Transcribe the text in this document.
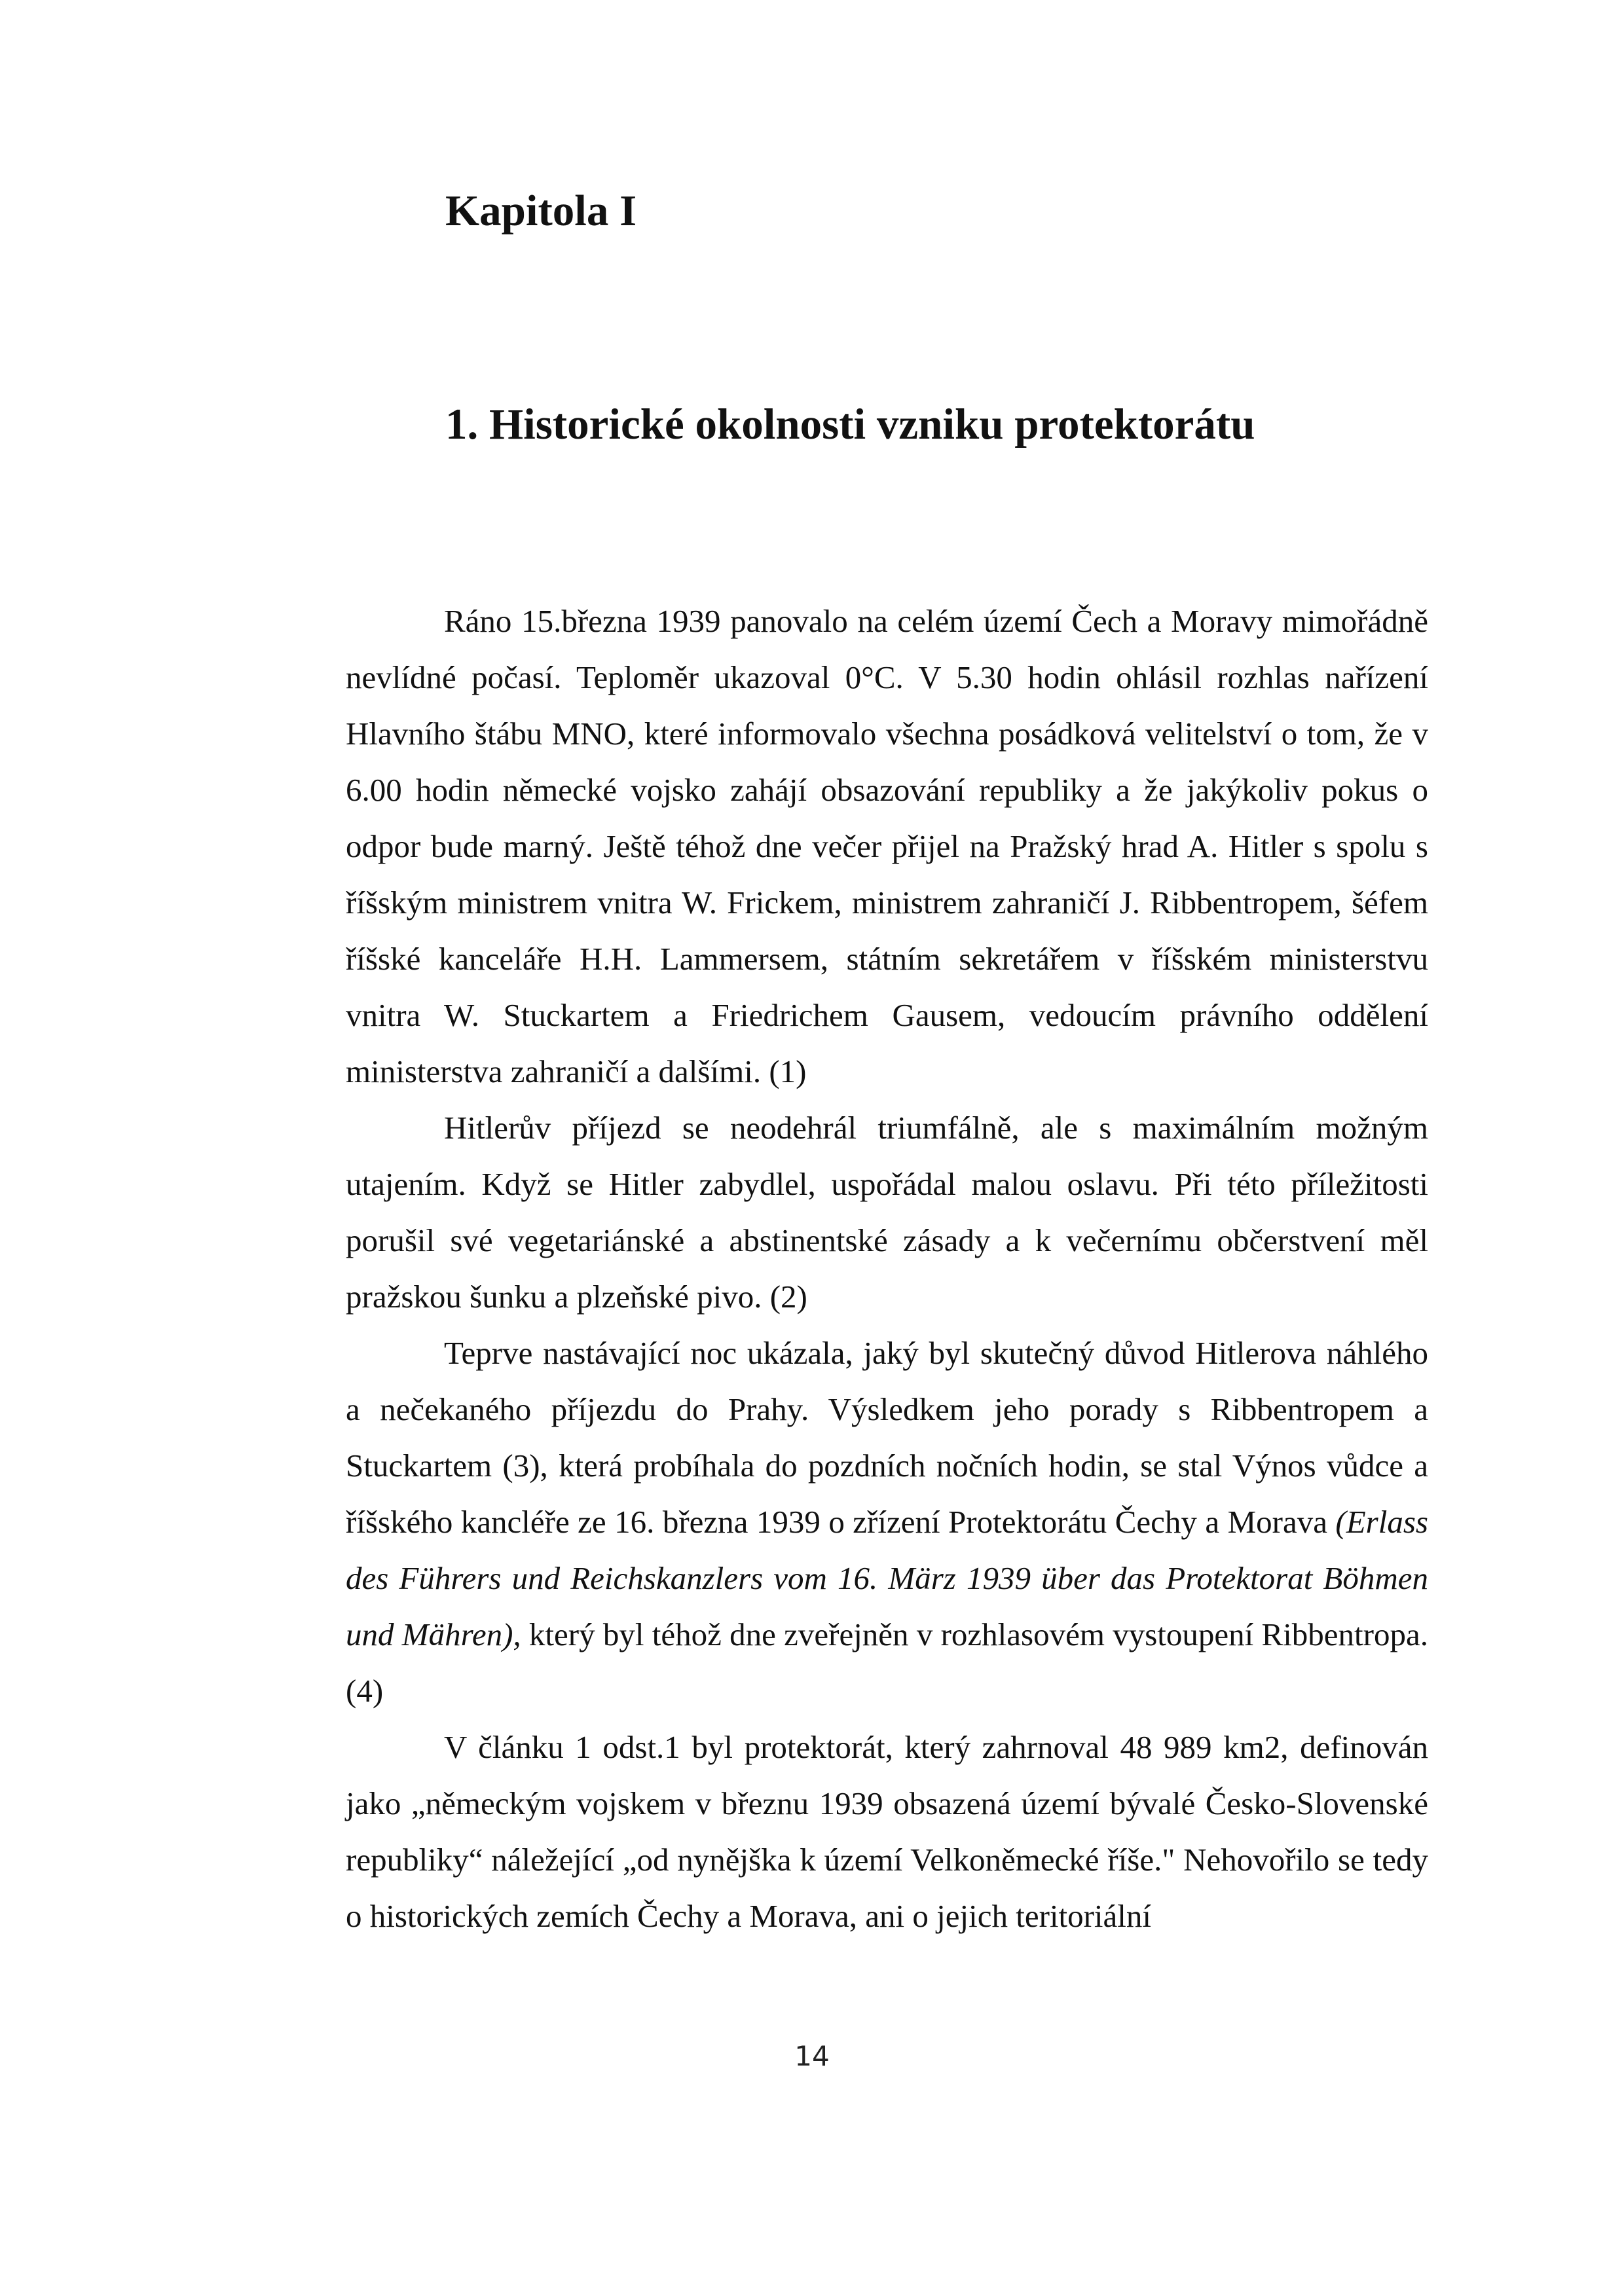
Kapitola I
1. Historické okolnosti vzniku protektorátu

Ráno 15.března 1939 panovalo na celém území Čech a Moravy mimořádně nevlídné počasí. Teploměr ukazoval 0°C. V 5.30 hodin ohlásil rozhlas nařízení Hlavního štábu MNO, které informovalo všechna posádková velitelství o tom, že v 6.00 hodin německé vojsko zahájí obsazování republiky a že jakýkoliv pokus o odpor bude marný. Ještě téhož dne večer přijel na Pražský hrad A. Hitler s spolu s říšským ministrem vnitra W. Frickem, ministrem zahraničí J. Ribbentropem, šéfem říšské kanceláře H.H. Lammersem, státním sekretářem v říšském ministerstvu vnitra W. Stuckartem a Friedrichem Gausem, vedoucím právního oddělení ministerstva zahraničí a dalšími. (1)

Hitlerův příjezd se neodehrál triumfálně, ale s maximálním možným utajením. Když se Hitler zabydlel, uspořádal malou oslavu. Při této příležitosti porušil své vegetariánské a abstinentské zásady a k večernímu občerstvení měl pražskou šunku a plzeňské pivo. (2)

Teprve nastávající noc ukázala, jaký byl skutečný důvod Hitlerova náhlého a nečekaného příjezdu do Prahy. Výsledkem jeho porady s Ribbentropem a Stuckartem (3), která probíhala do pozdních nočních hodin, se stal Výnos vůdce a říšského kancléře ze 16. března 1939 o zřízení Protektorátu Čechy a Morava (Erlass des Führers und Reichskanzlers vom 16. März 1939 über das Protektorat Böhmen und Mähren), který byl téhož dne zveřejněn v rozhlasovém vystoupení Ribbentropa. (4)

V článku 1 odst.1 byl protektorát, který zahrnoval 48 989 km2, definován jako „německým vojskem v březnu 1939 obsazená území bývalé Česko-Slovenské republiky“ náležející „od nynějška k území Velkoněmecké říše." Nehovořilo se tedy o historických zemích Čechy a Morava, ani o jejich teritoriální

14
